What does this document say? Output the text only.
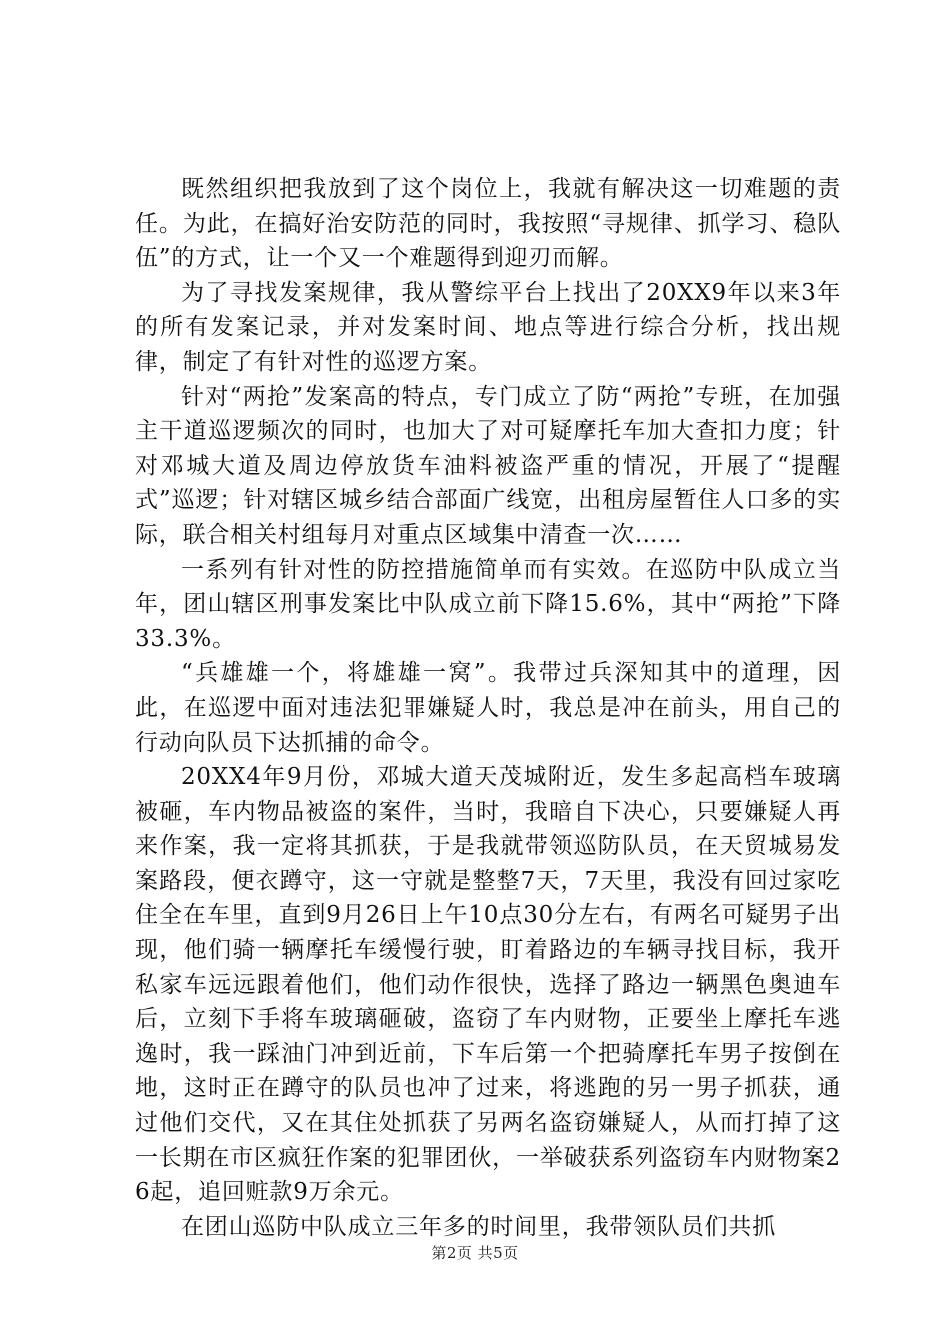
既然组织把我放到了这个岗位上，我就有解决这一切难题的责任。为此，在搞好治安防范的同时，我按照“寻规律、抓学习、稳队伍”的方式，让一个又一个难题得到迎刃而解。

为了寻找发案规律，我从警综平台上找出了20XX9年以来3年的所有发案记录，并对发案时间、地点等进行综合分析，找出规律，制定了有针对性的巡逻方案。

针对“两抢”发案高的特点，专门成立了防“两抢”专班，在加强主干道巡逻频次的同时，也加大了对可疑摩托车加大查扣力度；针对邓城大道及周边停放货车油料被盗严重的情况，开展了“提醒式”巡逻；针对辖区城乡结合部面广线宽，出租房屋暂住人口多的实际，联合相关村组每月对重点区域集中清查一次……

一系列有针对性的防控措施简单而有实效。在巡防中队成立当年，团山辖区刑事发案比中队成立前下降15.6%，其中“两抢”下降33.3%。

“兵雄雄一个，将雄雄一窝”。我带过兵深知其中的道理，因此，在巡逻中面对违法犯罪嫌疑人时，我总是冲在前头，用自己的行动向队员下达抓捕的命令。

20XX4年9月份，邓城大道天茂城附近，发生多起高档车玻璃被砸，车内物品被盗的案件，当时，我暗自下决心，只要嫌疑人再来作案，我一定将其抓获，于是我就带领巡防队员，在天贸城易发案路段，便衣蹲守，这一守就是整整7天，7天里，我没有回过家吃住全在车里，直到9月26日上午10点30分左右，有两名可疑男子出现，他们骑一辆摩托车缓慢行驶，盯着路边的车辆寻找目标，我开私家车远远跟着他们，他们动作很快，选择了路边一辆黑色奥迪车后，立刻下手将车玻璃砸破，盗窃了车内财物，正要坐上摩托车逃逸时，我一踩油门冲到近前，下车后第一个把骑摩托车男子按倒在地，这时正在蹲守的队员也冲了过来，将逃跑的另一男子抓获，通过他们交代，又在其住处抓获了另两名盗窃嫌疑人，从而打掉了这一长期在市区疯狂作案的犯罪团伙，一举破获系列盗窃车内财物案26起，追回赃款9万余元。

在团山巡防中队成立三年多的时间里，我带领队员们共抓

第2页 共5页
